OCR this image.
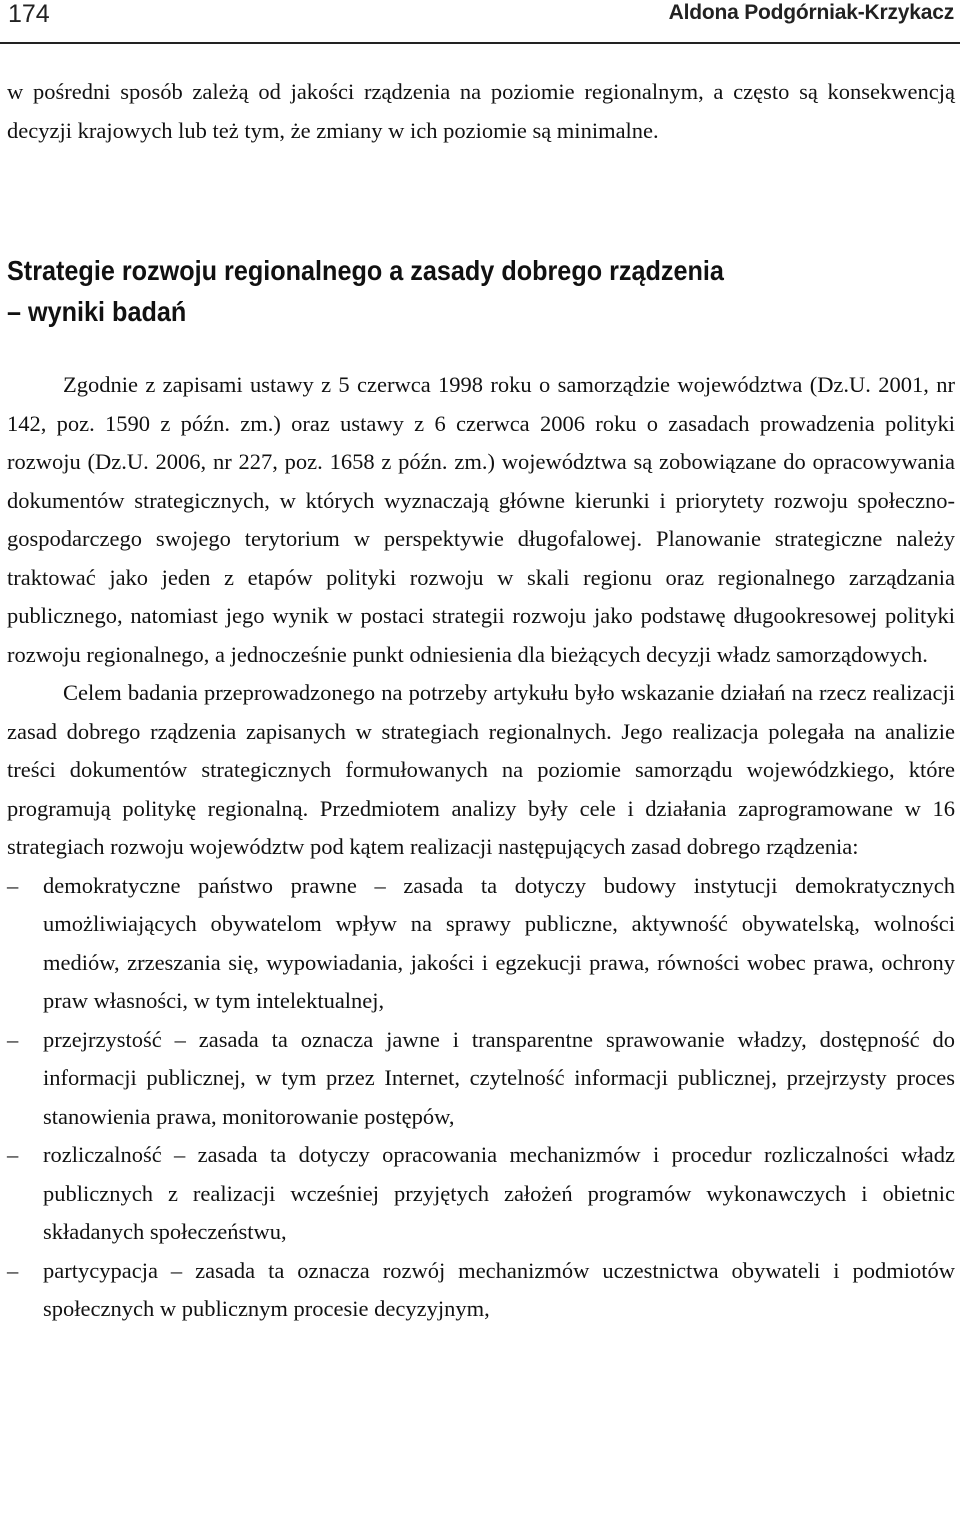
174	Aldona Podgórniak-Krzykacz
w pośredni sposób zależą od jakości rządzenia na poziomie regionalnym, a często są konsekwencją decyzji krajowych lub też tym, że zmiany w ich poziomie są minimalne.
Strategie rozwoju regionalnego a zasady dobrego rządzenia
– wyniki badań

Zgodnie z zapisami ustawy z 5 czerwca 1998 roku o samorządzie województwa (Dz.U. 2001, nr 142, poz. 1590 z późn. zm.) oraz ustawy z 6 czerwca 2006 roku o zasadach prowadzenia polityki rozwoju (Dz.U. 2006, nr 227, poz. 1658 z późn. zm.) województwa są zobowiązane do opracowywania dokumentów strategicznych, w których wyznaczają główne kierunki i priorytety rozwoju społeczno-gospodarczego swojego terytorium w perspektywie długofalowej. Planowanie strategiczne należy traktować jako jeden z etapów polityki rozwoju w skali regionu oraz regionalnego zarządzania publicznego, natomiast jego wynik w postaci strategii rozwoju jako podstawę długookresowej polityki rozwoju regionalnego, a jednocześnie punkt odniesienia dla bieżących decyzji władz samorządowych.

Celem badania przeprowadzonego na potrzeby artykułu było wskazanie działań na rzecz realizacji zasad dobrego rządzenia zapisanych w strategiach regionalnych. Jego realizacja polegała na analizie treści dokumentów strategicznych formułowanych na poziomie samorządu wojewódzkiego, które programują politykę regionalną. Przedmiotem analizy były cele i działania zaprogramowane w 16 strategiach rozwoju województw pod kątem realizacji następujących zasad dobrego rządzenia:

– demokratyczne państwo prawne – zasada ta dotyczy budowy instytucji demokratycznych umożliwiających obywatelom wpływ na sprawy publiczne, aktywność obywatelską, wolności mediów, zrzeszania się, wypowiadania, jakości i egzekucji prawa, równości wobec prawa, ochrony praw własności, w tym intelektualnej,
– przejrzystość – zasada ta oznacza jawne i transparentne sprawowanie władzy, dostępność do informacji publicznej, w tym przez Internet, czytelność informacji publicznej, przejrzysty proces stanowienia prawa, monitorowanie postępów,
– rozliczalność – zasada ta dotyczy opracowania mechanizmów i procedur rozliczalności władz publicznych z realizacji wcześniej przyjętych założeń programów wykonawczych i obietnic składanych społeczeństwu,
– partycypacja – zasada ta oznacza rozwój mechanizmów uczestnictwa obywateli i podmiotów społecznych w publicznym procesie decyzyjnym,
